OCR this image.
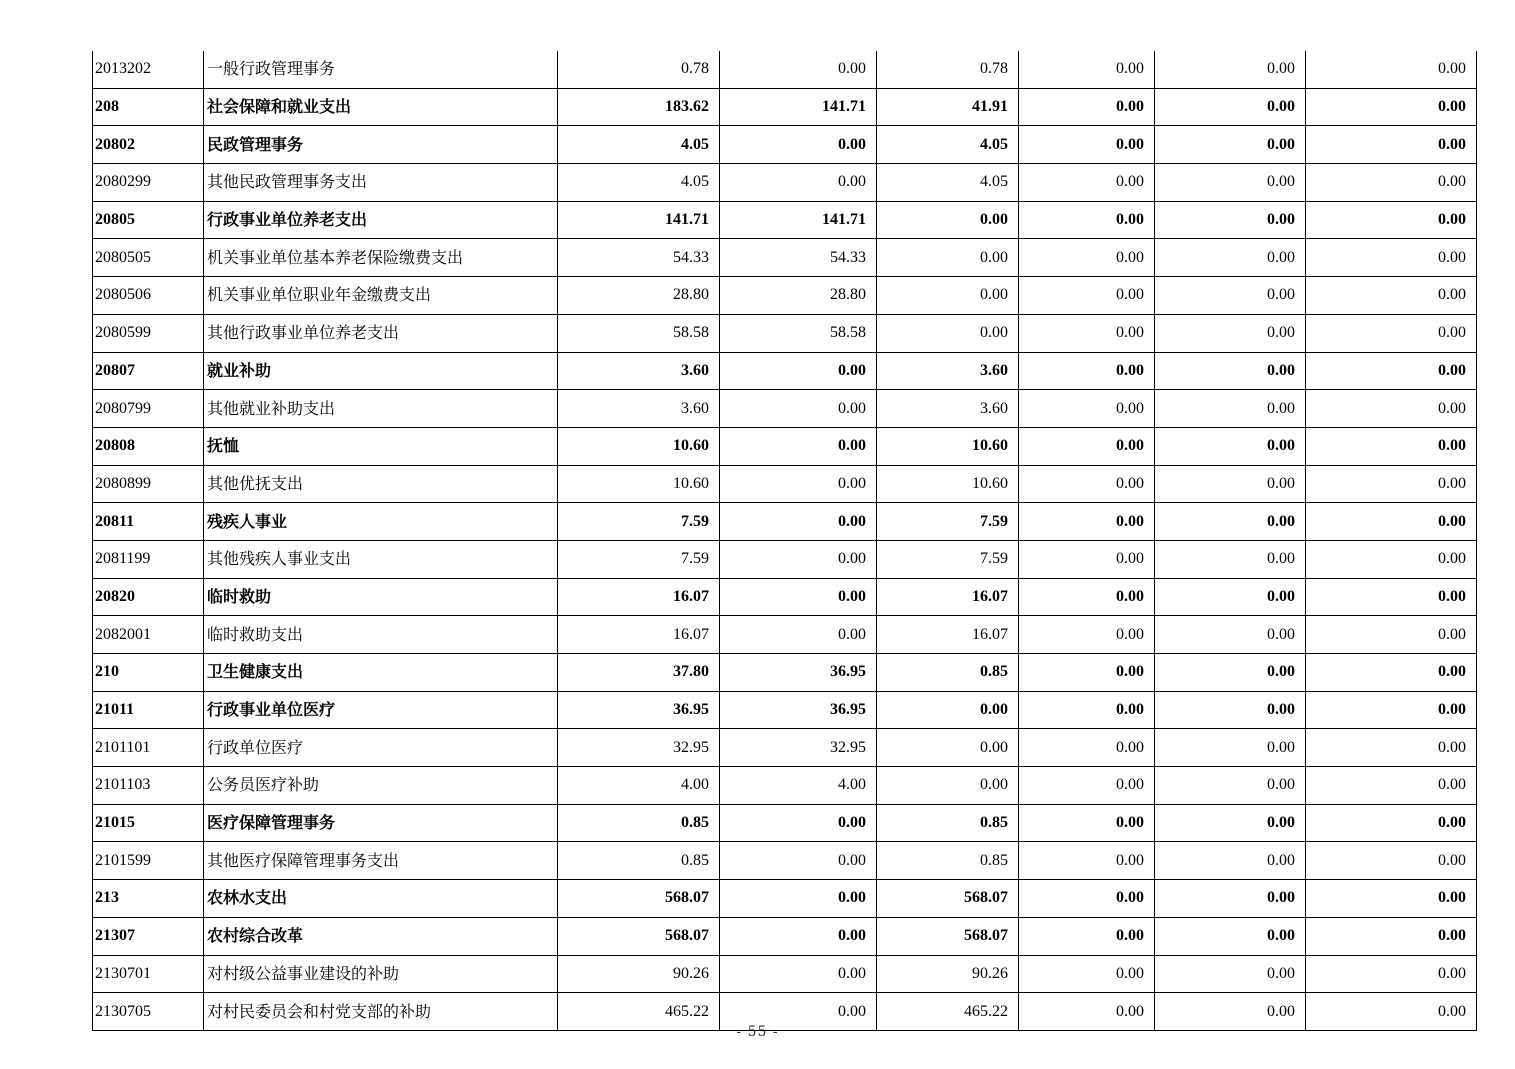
2013202	一般行政管理事务	0.78	0.00	0.78	0.00	0.00	0.00
208	社会保障和就业支出	183.62	141.71	41.91	0.00	0.00	0.00
20802	民政管理事务	4.05	0.00	4.05	0.00	0.00	0.00
2080299	其他民政管理事务支出	4.05	0.00	4.05	0.00	0.00	0.00
20805	行政事业单位养老支出	141.71	141.71	0.00	0.00	0.00	0.00
2080505	机关事业单位基本养老保险缴费支出	54.33	54.33	0.00	0.00	0.00	0.00
2080506	机关事业单位职业年金缴费支出	28.80	28.80	0.00	0.00	0.00	0.00
2080599	其他行政事业单位养老支出	58.58	58.58	0.00	0.00	0.00	0.00
20807	就业补助	3.60	0.00	3.60	0.00	0.00	0.00
2080799	其他就业补助支出	3.60	0.00	3.60	0.00	0.00	0.00
20808	抚恤	10.60	0.00	10.60	0.00	0.00	0.00
2080899	其他优抚支出	10.60	0.00	10.60	0.00	0.00	0.00
20811	残疾人事业	7.59	0.00	7.59	0.00	0.00	0.00
2081199	其他残疾人事业支出	7.59	0.00	7.59	0.00	0.00	0.00
20820	临时救助	16.07	0.00	16.07	0.00	0.00	0.00
2082001	临时救助支出	16.07	0.00	16.07	0.00	0.00	0.00
210	卫生健康支出	37.80	36.95	0.85	0.00	0.00	0.00
21011	行政事业单位医疗	36.95	36.95	0.00	0.00	0.00	0.00
2101101	行政单位医疗	32.95	32.95	0.00	0.00	0.00	0.00
2101103	公务员医疗补助	4.00	4.00	0.00	0.00	0.00	0.00
21015	医疗保障管理事务	0.85	0.00	0.85	0.00	0.00	0.00
2101599	其他医疗保障管理事务支出	0.85	0.00	0.85	0.00	0.00	0.00
213	农林水支出	568.07	0.00	568.07	0.00	0.00	0.00
21307	农村综合改革	568.07	0.00	568.07	0.00	0.00	0.00
2130701	对村级公益事业建设的补助	90.26	0.00	90.26	0.00	0.00	0.00
2130705	对村民委员会和村党支部的补助	465.22	0.00	465.22	0.00	0.00	0.00
- 55 -
